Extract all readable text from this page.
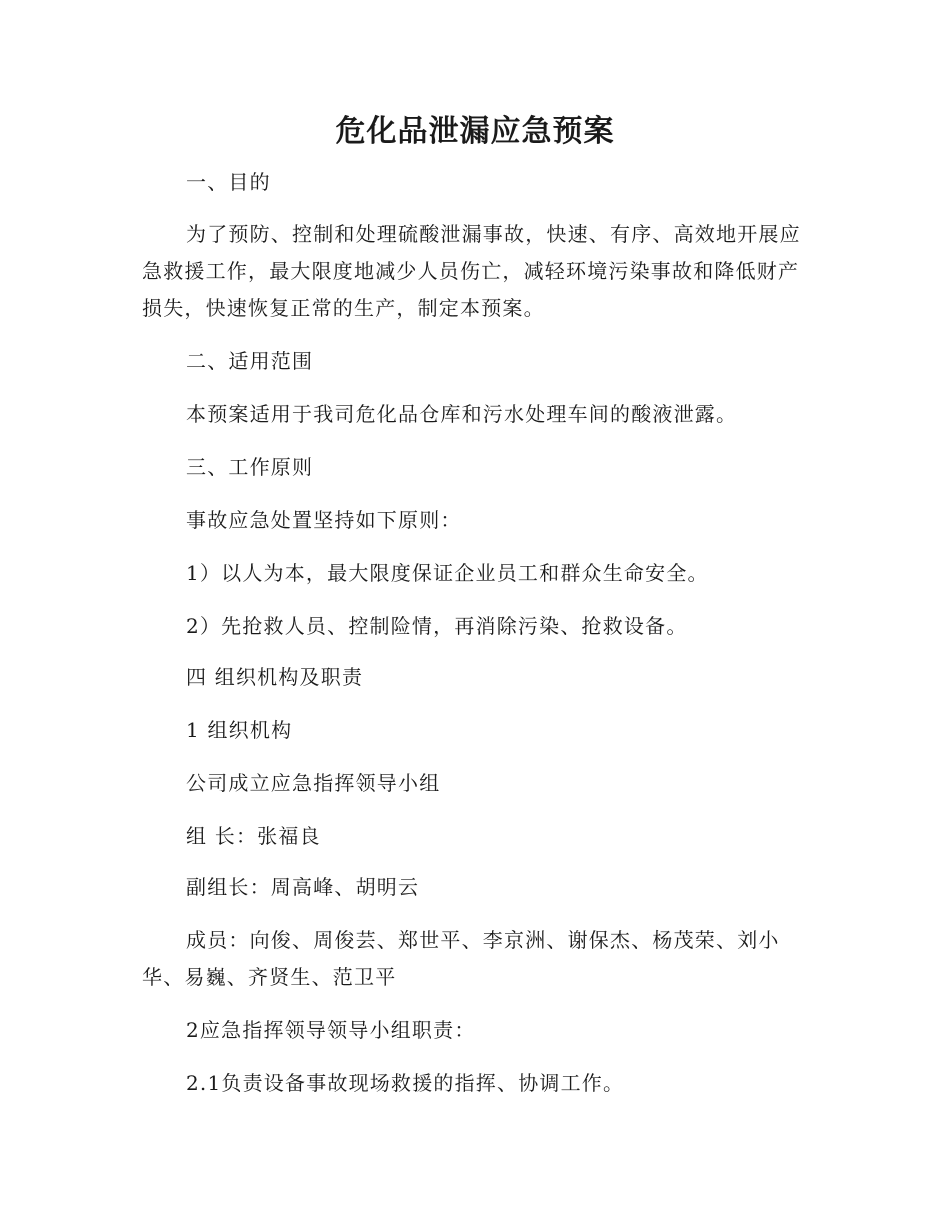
危化品泄漏应急预案

一、目的

为了预防、控制和处理硫酸泄漏事故，快速、有序、高效地开展应急救援工作，最大限度地减少人员伤亡，减轻环境污染事故和降低财产损失，快速恢复正常的生产，制定本预案。

二、适用范围

本预案适用于我司危化品仓库和污水处理车间的酸液泄露。

三、工作原则

事故应急处置坚持如下原则：

1）以人为本，最大限度保证企业员工和群众生命安全。

2）先抢救人员、控制险情，再消除污染、抢救设备。

四 组织机构及职责

1 组织机构

公司成立应急指挥领导小组

组 长：张福良

副组长：周高峰、胡明云

成员：向俊、周俊芸、郑世平、李京洲、谢保杰、杨茂荣、刘小华、易巍、齐贤生、范卫平

2应急指挥领导领导小组职责：

2.1负责设备事故现场救援的指挥、协调工作。
